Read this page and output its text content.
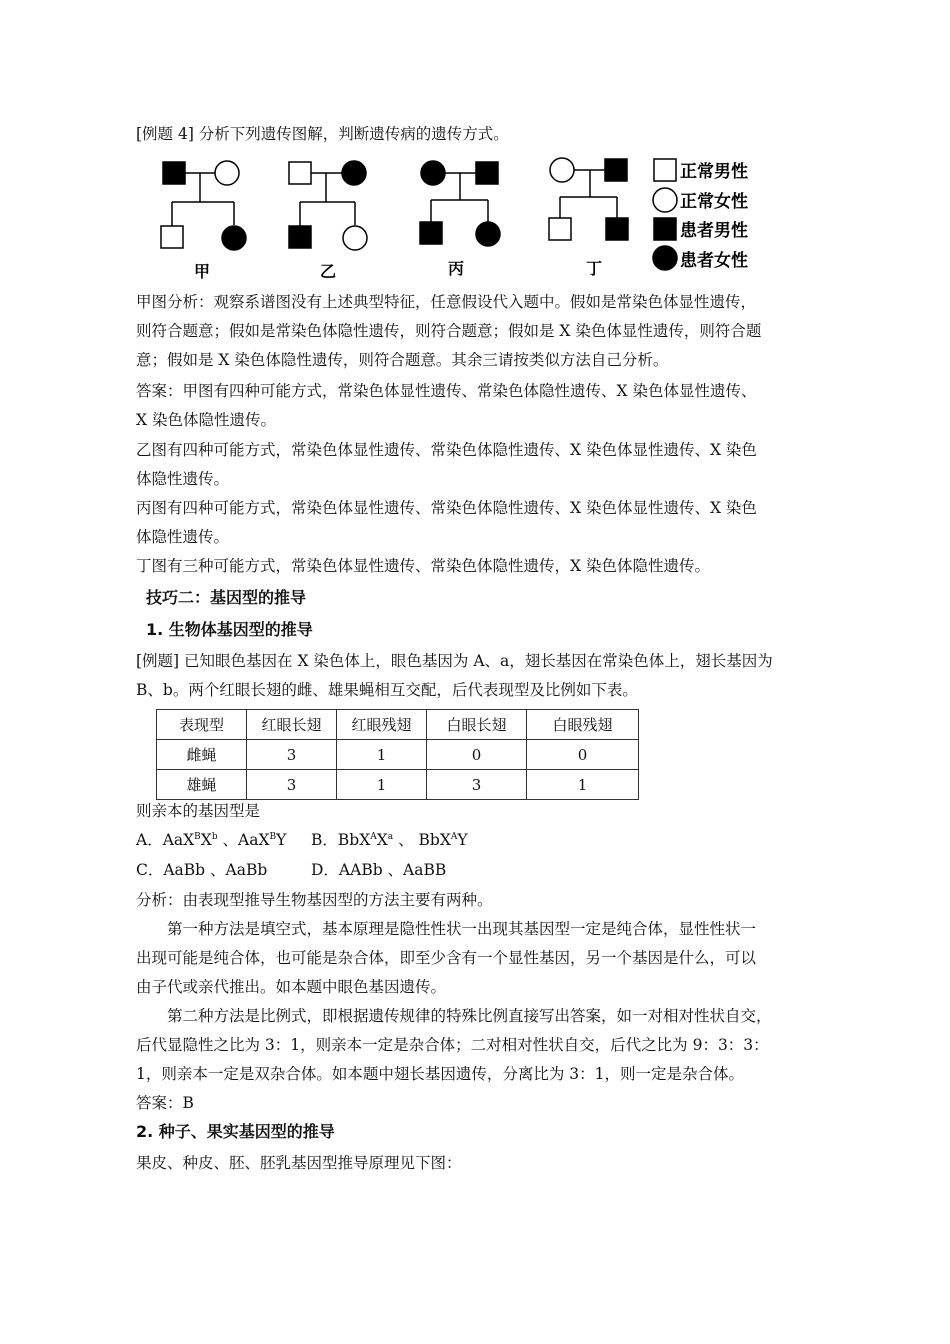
[例题 4] 分析下列遗传图解，判断遗传病的遗传方式。
正常男性
正常女性
患者男性
患者女性
甲	乙	丙	丁
甲图分析：观察系谱图没有上述典型特征，任意假设代入题中。假如是常染色体显性遗传，
则符合题意；假如是常染色体隐性遗传，则符合题意；假如是 X 染色体显性遗传，则符合题
意；假如是 X 染色体隐性遗传，则符合题意。其余三请按类似方法自己分析。
答案：甲图有四种可能方式，常染色体显性遗传、常染色体隐性遗传、X 染色体显性遗传、
X 染色体隐性遗传。
乙图有四种可能方式，常染色体显性遗传、常染色体隐性遗传、X 染色体显性遗传、X 染色
体隐性遗传。
丙图有四种可能方式，常染色体显性遗传、常染色体隐性遗传、X 染色体显性遗传、X 染色
体隐性遗传。
丁图有三种可能方式，常染色体显性遗传、常染色体隐性遗传，X 染色体隐性遗传。
技巧二：基因型的推导
1. 生物体基因型的推导
[例题] 已知眼色基因在 X 染色体上，眼色基因为 A、a，翅长基因在常染色体上，翅长基因为
B、b。两个红眼长翅的雌、雄果蝇相互交配，后代表现型及比例如下表。
表现型	红眼长翅	红眼残翅	白眼长翅	白眼残翅
雌蝇	3	1	0	0
雄蝇	3	1	3	1
则亲本的基因型是
A．$AaX^BX^b$ 、AaX$^B$Y B．$BbX^AX^a$ 、 BbX$^A$Y
C．AaBb 、AaBb	D．AABb 、AaBB
分析：由表现型推导生物基因型的方法主要有两种。
　　第一种方法是填空式，基本原理是隐性性状一出现其基因型一定是纯合体，显性性状一
出现可能是纯合体，也可能是杂合体，即至少含有一个显性基因，另一个基因是什么，可以
由子代或亲代推出。如本题中眼色基因遗传。
　　第二种方法是比例式，即根据遗传规律的特殊比例直接写出答案，如一对相对性状自交，
后代显隐性之比为 3：1，则亲本一定是杂合体；二对相对性状自交，后代之比为 9：3：3：
1，则亲本一定是双杂合体。如本题中翅长基因遗传，分离比为 3：1，则一定是杂合体。
答案：B
2. 种子、果实基因型的推导
果皮、种皮、胚、胚乳基因型推导原理见下图：
